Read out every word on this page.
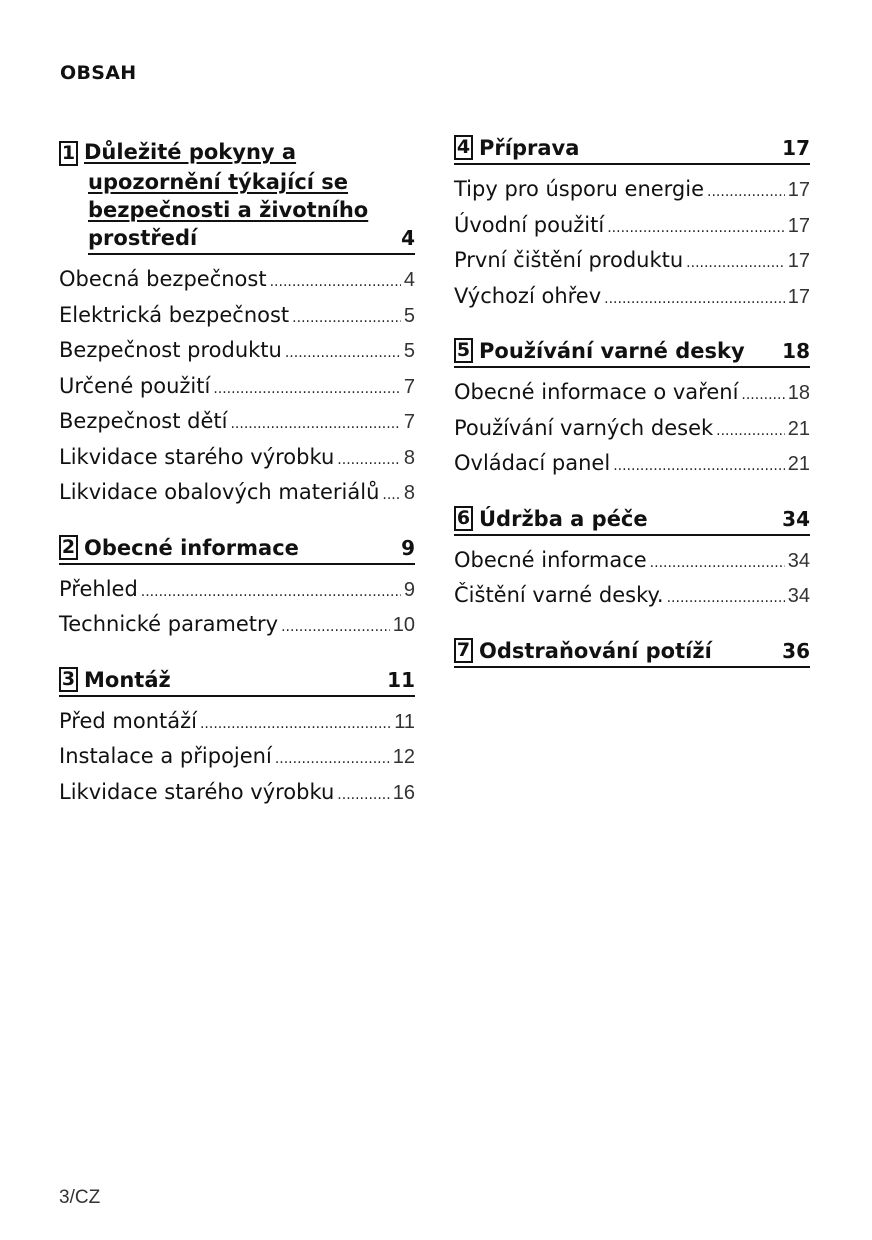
OBSAH
1 Důležité pokyny a
upozornění týkající se
bezpečnosti a životního
prostředí	4
Obecná bezpečnost .....	4
Elektrická bezpečnost .....	5
Bezpečnost produktu .....	5
Určené použití .....	7
Bezpečnost dětí .....	7
Likvidace starého výrobku .....	8
Likvidace obalových materiálů ..... 8
2 Obecné informace	9
Přehled .....	9
Technické parametry .....	10
3 Montáž	11
Před montáží .....	11
Instalace a připojení .....	12
Likvidace starého výrobku .....	16
4 Příprava	17
Tipy pro úsporu energie .....	17
Úvodní použití .....	17
První čištění produktu .....	17
Výchozí ohřev .....	17
5 Používání varné desky	18
Obecné informace o vaření ..... 18
Používání varných desek .....	21
Ovládací panel .....	21
6 Údržba a péče	34
Obecné informace .....	34
Čištění varné desky. .....	34
7 Odstraňování potíží	36
3/CZ
